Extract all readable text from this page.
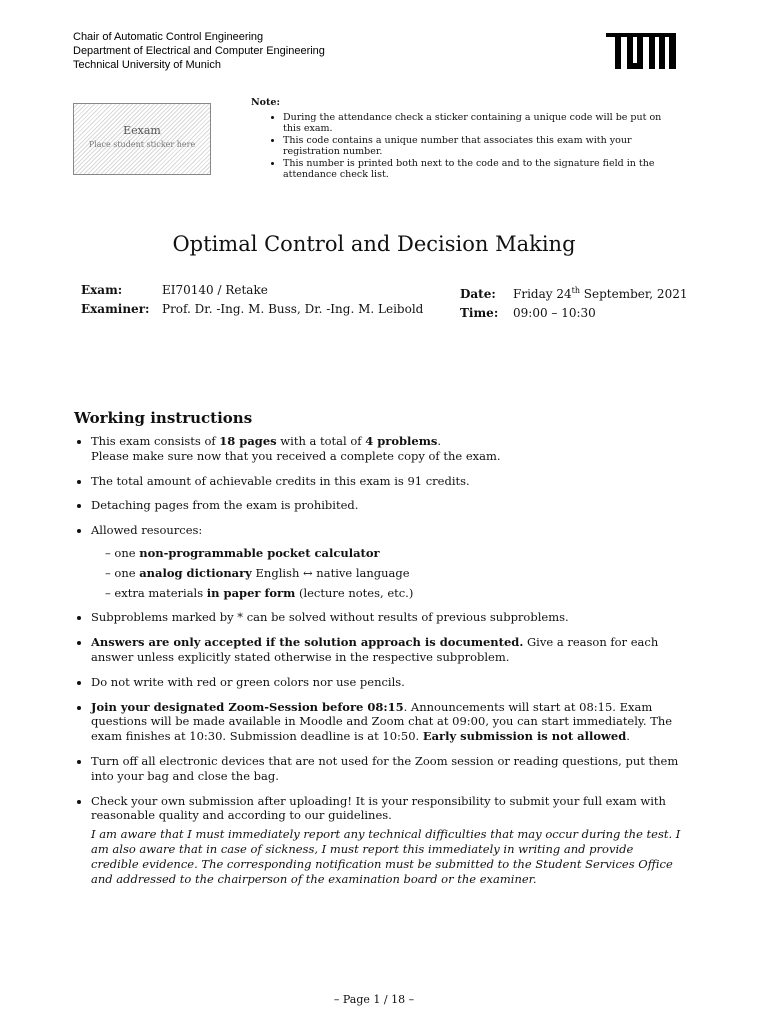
Chair of Automatic Control Engineering
Department of Electrical and Computer Engineering
Technical University of Munich
Eexam
Place student sticker here
Note:
• During the attendance check a sticker containing a unique code will be put on this exam.
• This code contains a unique number that associates this exam with your registration number.
• This number is printed both next to the code and to the signature field in the attendance check list.
Optimal Control and Decision Making
Exam:	EI70140 / Retake
Examiner: Prof. Dr. -Ing. M. Buss, Dr. -Ing. M. Leibold
Date: Friday 24th September, 2021
Time: 09:00 – 10:30
Working instructions
• This exam consists of 18 pages with a total of 4 problems.
Please make sure now that you received a complete copy of the exam.
• The total amount of achievable credits in this exam is 91 credits.
• Detaching pages from the exam is prohibited.
• Allowed resources:
– one non-programmable pocket calculator
– one analog dictionary English ↔ native language
– extra materials in paper form (lecture notes, etc.)
• Subproblems marked by * can be solved without results of previous subproblems.
• Answers are only accepted if the solution approach is documented. Give a reason for each answer unless explicitly stated otherwise in the respective subproblem.
• Do not write with red or green colors nor use pencils.
• Join your designated Zoom-Session before 08:15. Announcements will start at 08:15. Exam questions will be made available in Moodle and Zoom chat at 09:00, you can start immediately. The exam finishes at 10:30. Submission deadline is at 10:50. Early submission is not allowed.
• Turn off all electronic devices that are not used for the Zoom session or reading questions, put them into your bag and close the bag.
• Check your own submission after uploading! It is your responsibility to submit your full exam with reasonable quality and according to our guidelines.
I am aware that I must immediately report any technical difficulties that may occur during the test. I am also aware that in case of sickness, I must report this immediately in writing and provide credible evidence. The corresponding notification must be submitted to the Student Services Office and addressed to the chairperson of the examination board or the examiner.
– Page 1 / 18 –
